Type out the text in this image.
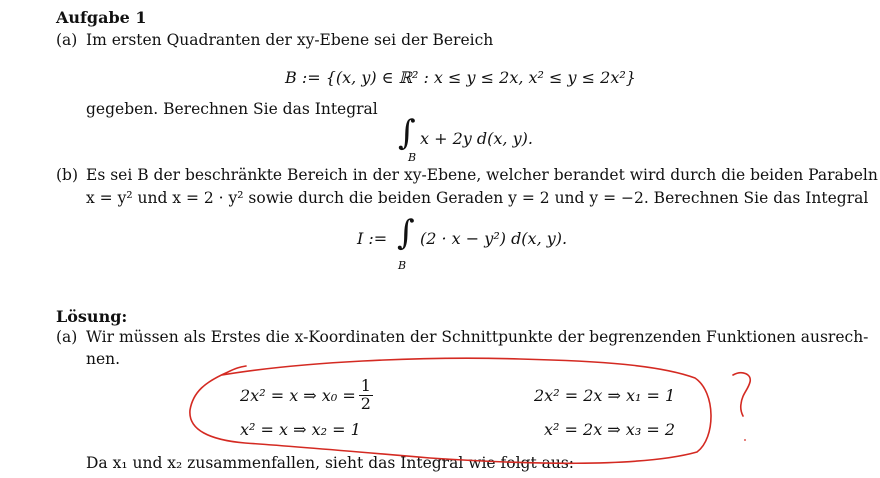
Aufgabe 1
(a) Im ersten Quadranten der xy-Ebene sei der Bereich
B := {(x, y) ∈ ℝ² : x ≤ y ≤ 2x, x² ≤ y ≤ 2x²}
gegeben. Berechnen Sie das Integral
∫
B
x + 2y d(x, y).
(b) Es sei B der beschränkte Bereich in der xy-Ebene, welcher berandet wird durch die beiden Parabeln
x = y² und x = 2 · y² sowie durch die beiden Geraden y = 2 und y = −2. Berechnen Sie das Integral
I := ∫
B
(2 · x − y²) d(x, y).
Lösung:
(a) Wir müssen als Erstes die x-Koordinaten der Schnittpunkte der begrenzenden Funktionen ausrech-
nen.
2x² = x ⇒ $x_0 = \frac{1}{2}$	2x² = 2x ⇒ x₁ = 1
x² = x ⇒ x₂ = 1	x² = 2x ⇒ x₃ = 2
Da x₁ und x₂ zusammenfallen, sieht das Integral wie folgt aus:
